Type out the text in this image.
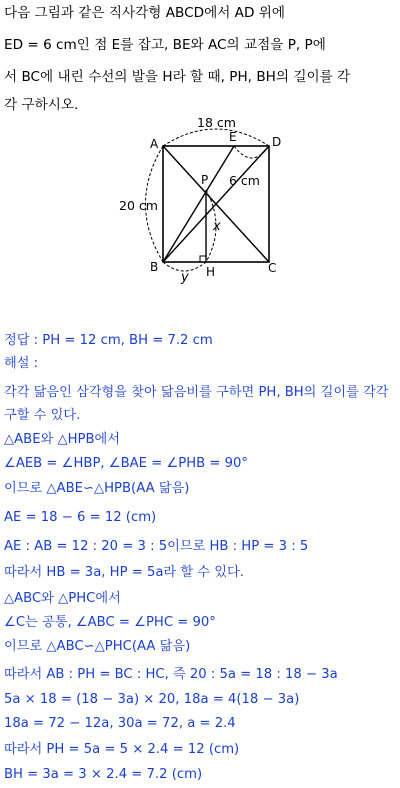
다음 그림과 같은 직사각형 ABCD에서 AD 위에
ED = 6 cm인 점 E를 잡고, BE와 AC의 교점을 P, P에
서 BC에 내린 수선의 발을 H라 할 때, PH, BH의 길이를 각
각 구하시오.
A	E	D
P
B	H	C
18 cm
20 cm
6 cm
x
y
정답 : PH = 12 cm, BH = 7.2 cm
해설 :
각각 닮음인 삼각형을 찾아 닮음비를 구하면 PH, BH의 길이를 각각
구할 수 있다.
△ABE와 △HPB에서
∠AEB = ∠HBP, ∠BAE = ∠PHB = 90°
이므로 △ABE∽△HPB(AA 닮음)
AE = 18 − 6 = 12 (cm)
AE : AB = 12 : 20 = 3 : 5이므로 HB : HP = 3 : 5
따라서 HB = 3a, HP = 5a라 할 수 있다.
△ABC와 △PHC에서
∠C는 공통, ∠ABC = ∠PHC = 90°
이므로 △ABC∽△PHC(AA 닮음)
따라서 AB : PH = BC : HC, 즉 20 : 5a = 18 : 18 − 3a
5a × 18 = (18 − 3a) × 20, 18a = 4(18 − 3a)
18a = 72 − 12a, 30a = 72, a = 2.4
따라서 PH = 5a = 5 × 2.4 = 12 (cm)
BH = 3a = 3 × 2.4 = 7.2 (cm)
